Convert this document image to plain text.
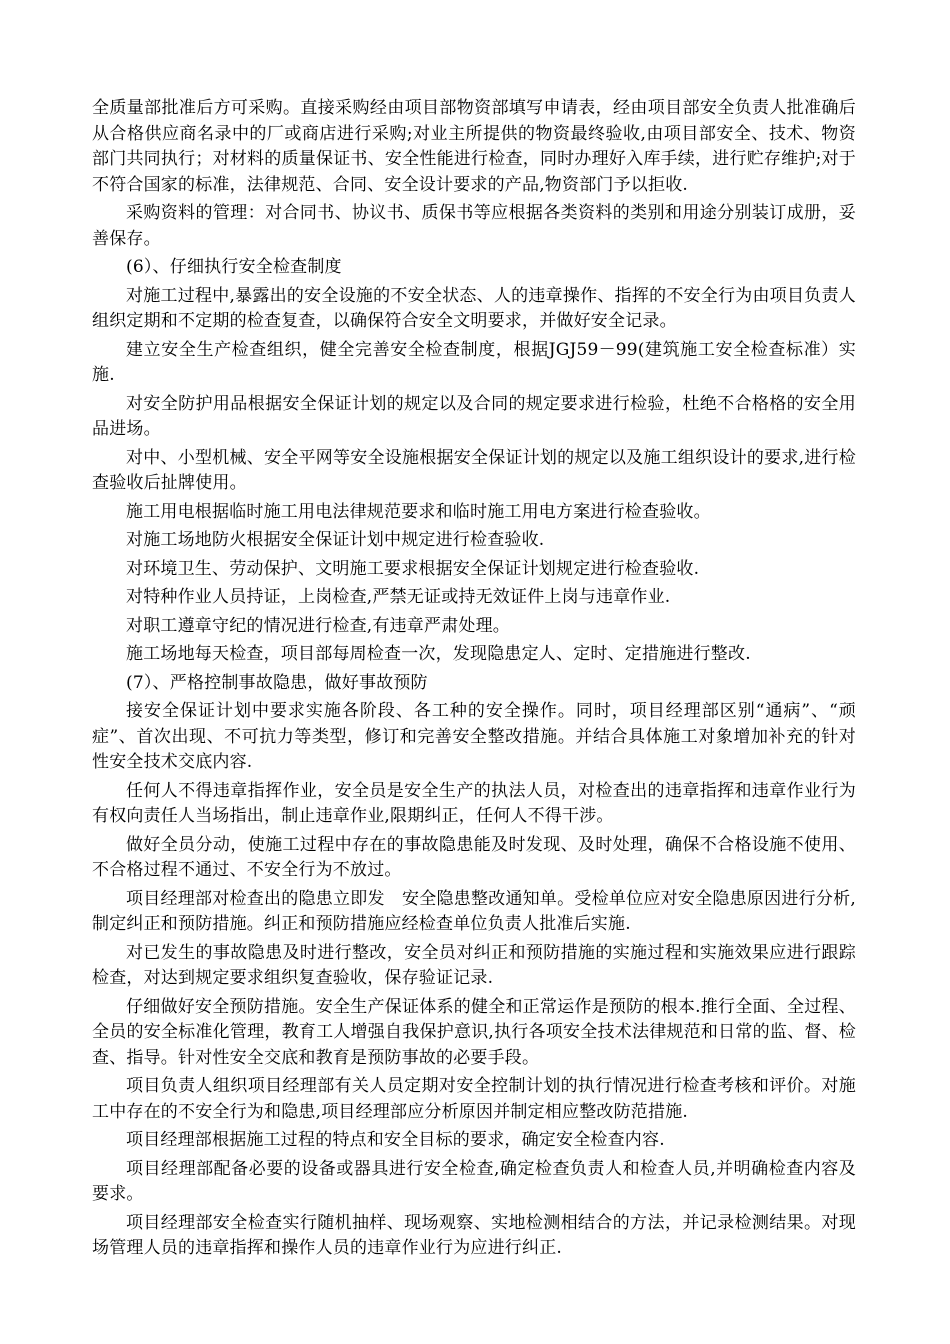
全质量部批准后方可采购。直接采购经由项目部物资部填写申请表，经由项目部安全负责人批准确后从合格供应商名录中的厂或商店进行采购;对业主所提供的物资最终验收,由项目部安全、技术、物资部门共同执行；对材料的质量保证书、安全性能进行检查，同时办理好入库手续，进行贮存维护;对于不符合国家的标准，法律规范、合同、安全设计要求的产品,物资部门予以拒收.

采购资料的管理：对合同书、协议书、质保书等应根据各类资料的类别和用途分别装订成册，妥善保存。

(6）、仔细执行安全检查制度

对施工过程中,暴露出的安全设施的不安全状态、人的违章操作、指挥的不安全行为由项目负责人组织定期和不定期的检查复查，以确保符合安全文明要求，并做好安全记录。

建立安全生产检查组织，健全完善安全检查制度，根据JGJ59－99(建筑施工安全检查标准）实施.

对安全防护用品根据安全保证计划的规定以及合同的规定要求进行检验，杜绝不合格格的安全用品进场。

对中、小型机械、安全平网等安全设施根据安全保证计划的规定以及施工组织设计的要求,进行检查验收后扯牌使用。

施工用电根据临时施工用电法律规范要求和临时施工用电方案进行检查验收。

对施工场地防火根据安全保证计划中规定进行检查验收.

对环境卫生、劳动保护、文明施工要求根据安全保证计划规定进行检查验收.

对特种作业人员持证，上岗检查,严禁无证或持无效证件上岗与违章作业.

对职工遵章守纪的情况进行检查,有违章严肃处理。

施工场地每天检查，项目部每周检查一次，发现隐患定人、定时、定措施进行整改.

(7）、严格控制事故隐患，做好事故预防

接安全保证计划中要求实施各阶段、各工种的安全操作。同时，项目经理部区别“通病”、“顽症”、首次出现、不可抗力等类型，修订和完善安全整改措施。并结合具体施工对象增加补充的针对性安全技术交底内容.

任何人不得违章指挥作业，安全员是安全生产的执法人员，对检查出的违章指挥和违章作业行为有权向责任人当场指出，制止违章作业,限期纠正，任何人不得干涉。

做好全员分动，使施工过程中存在的事故隐患能及时发现、及时处理，确保不合格设施不使用、不合格过程不通过、不安全行为不放过。

项目经理部对检查出的隐患立即发　安全隐患整改通知单。受检单位应对安全隐患原因进行分析,制定纠正和预防措施。纠正和预防措施应经检查单位负责人批准后实施.

对已发生的事故隐患及时进行整改，安全员对纠正和预防措施的实施过程和实施效果应进行跟踪检查，对达到规定要求组织复查验收，保存验证记录.

仔细做好安全预防措施。安全生产保证体系的健全和正常运作是预防的根本.推行全面、全过程、全员的安全标准化管理，教育工人增强自我保护意识,执行各项安全技术法律规范和日常的监、督、检查、指导。针对性安全交底和教育是预防事故的必要手段。

项目负责人组织项目经理部有关人员定期对安全控制计划的执行情况进行检查考核和评价。对施工中存在的不安全行为和隐患,项目经理部应分析原因并制定相应整改防范措施.

项目经理部根据施工过程的特点和安全目标的要求，确定安全检查内容.

项目经理部配备必要的设备或器具进行安全检查,确定检查负责人和检查人员,并明确检查内容及要求。

项目经理部安全检查实行随机抽样、现场观察、实地检测相结合的方法，并记录检测结果。对现场管理人员的违章指挥和操作人员的违章作业行为应进行纠正.
